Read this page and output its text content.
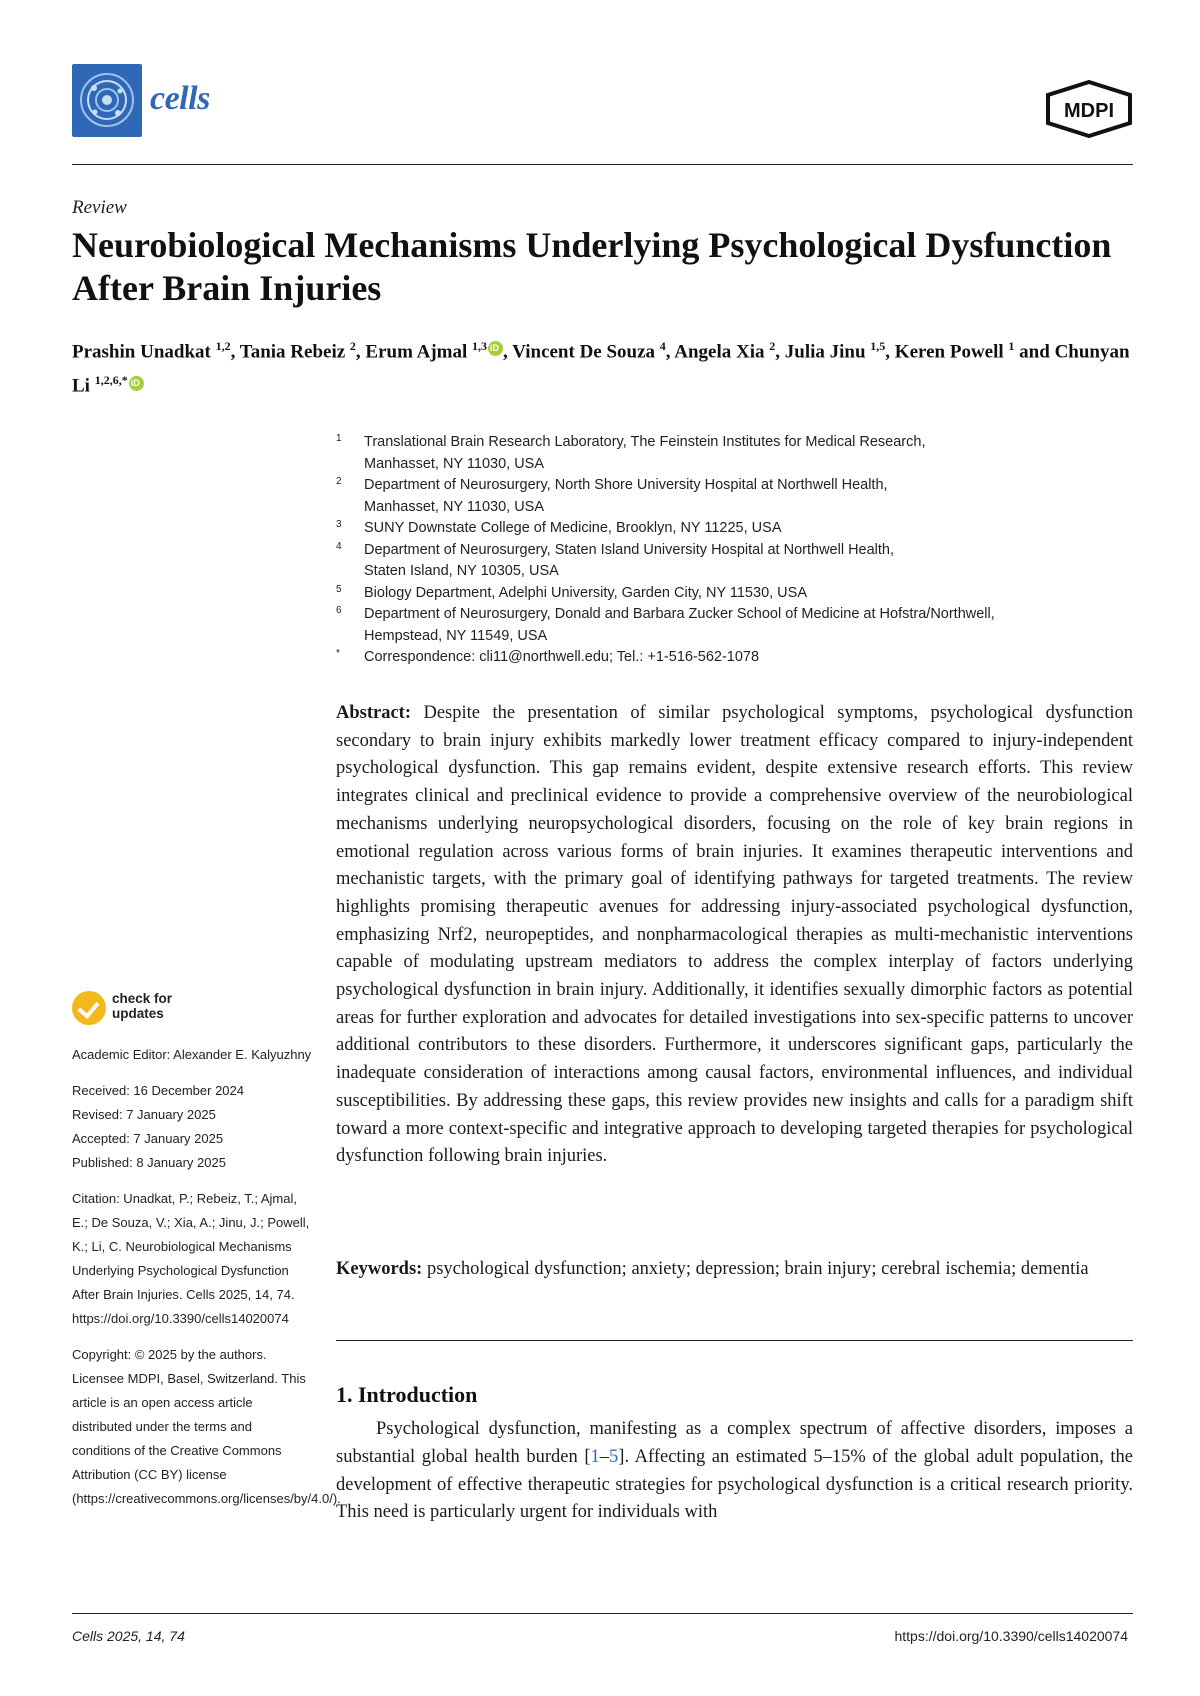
cells	MDPI
Review
Neurobiological Mechanisms Underlying Psychological Dysfunction After Brain Injuries
Prashin Unadkat $^{1,2}$, Tania Rebeiz $^2$, Erum Ajmal $^{1,3}$iD , Vincent De Souza $^4$, Angela Xia $^2$, Julia Jinu $^{1,5}$, Keren Powell $^1$ and Chunyan Li $^{1,2,6,*}$iD
1 Translational Brain Research Laboratory, The Feinstein Institutes for Medical Research,
Manhasset, NY 11030, USA
2 Department of Neurosurgery, North Shore University Hospital at Northwell Health,
Manhasset, NY 11030, USA
3 SUNY Downstate College of Medicine, Brooklyn, NY 11225, USA
4 Department of Neurosurgery, Staten Island University Hospital at Northwell Health,
Staten Island, NY 10305, USA
5 Biology Department, Adelphi University, Garden City, NY 11530, USA
6 Department of Neurosurgery, Donald and Barbara Zucker School of Medicine at Hofstra/Northwell,
Hempstead, NY 11549, USA
* Correspondence: cli11@northwell.edu; Tel.: +1-516-562-1078
Abstract: Despite the presentation of similar psychological symptoms, psychological dysfunction secondary to brain injury exhibits markedly lower treatment efficacy compared to injury-independent psychological dysfunction. This gap remains evident, despite extensive research efforts. This review integrates clinical and preclinical evidence to provide a comprehensive overview of the neurobiological mechanisms underlying neuropsychological disorders, focusing on the role of key brain regions in emotional regulation across various forms of brain injuries. It examines therapeutic interventions and mechanistic targets, with the primary goal of identifying pathways for targeted treatments. The review highlights promising therapeutic avenues for addressing injury-associated psychological dysfunction, emphasizing Nrf2, neuropeptides, and nonpharmacological therapies as multi-mechanistic interventions capable of modulating upstream mediators to address the complex interplay of factors underlying psychological dysfunction in brain injury. Additionally, it identifies sexually dimorphic factors as potential areas for further exploration and advocates for detailed investigations into sex-specific patterns to uncover additional contributors to these disorders. Furthermore, it underscores significant gaps, particularly the inadequate consideration of interactions among causal factors, environmental influences, and individual susceptibilities. By addressing these gaps, this review provides new insights and calls for a paradigm shift toward a more context-specific and integrative approach to developing targeted therapies for psychological dysfunction following brain injuries.
Keywords: psychological dysfunction; anxiety; depression; brain injury; cerebral ischemia; dementia
1. Introduction
Psychological dysfunction, manifesting as a complex spectrum of affective disorders, imposes a substantial global health burden [1–5]. Affecting an estimated 5–15% of the global adult population, the development of effective therapeutic strategies for psychological dysfunction is a critical research priority. This need is particularly urgent for individuals with
check for
updates
Academic Editor: Alexander E. Kalyuzhny
Received: 16 December 2024
Revised: 7 January 2025
Accepted: 7 January 2025
Published: 8 January 2025
Citation: Unadkat, P.; Rebeiz, T.; Ajmal, E.; De Souza, V.; Xia, A.; Jinu, J.; Powell, K.; Li, C. Neurobiological Mechanisms Underlying Psychological Dysfunction After Brain Injuries. Cells 2025, 14, 74. https://doi.org/10.3390/cells14020074
Copyright: © 2025 by the authors. Licensee MDPI, Basel, Switzerland. This article is an open access article distributed under the terms and conditions of the Creative Commons Attribution (CC BY) license (https://creativecommons.org/licenses/by/4.0/).
Cells 2025, 14, 74	https://doi.org/10.3390/cells14020074
